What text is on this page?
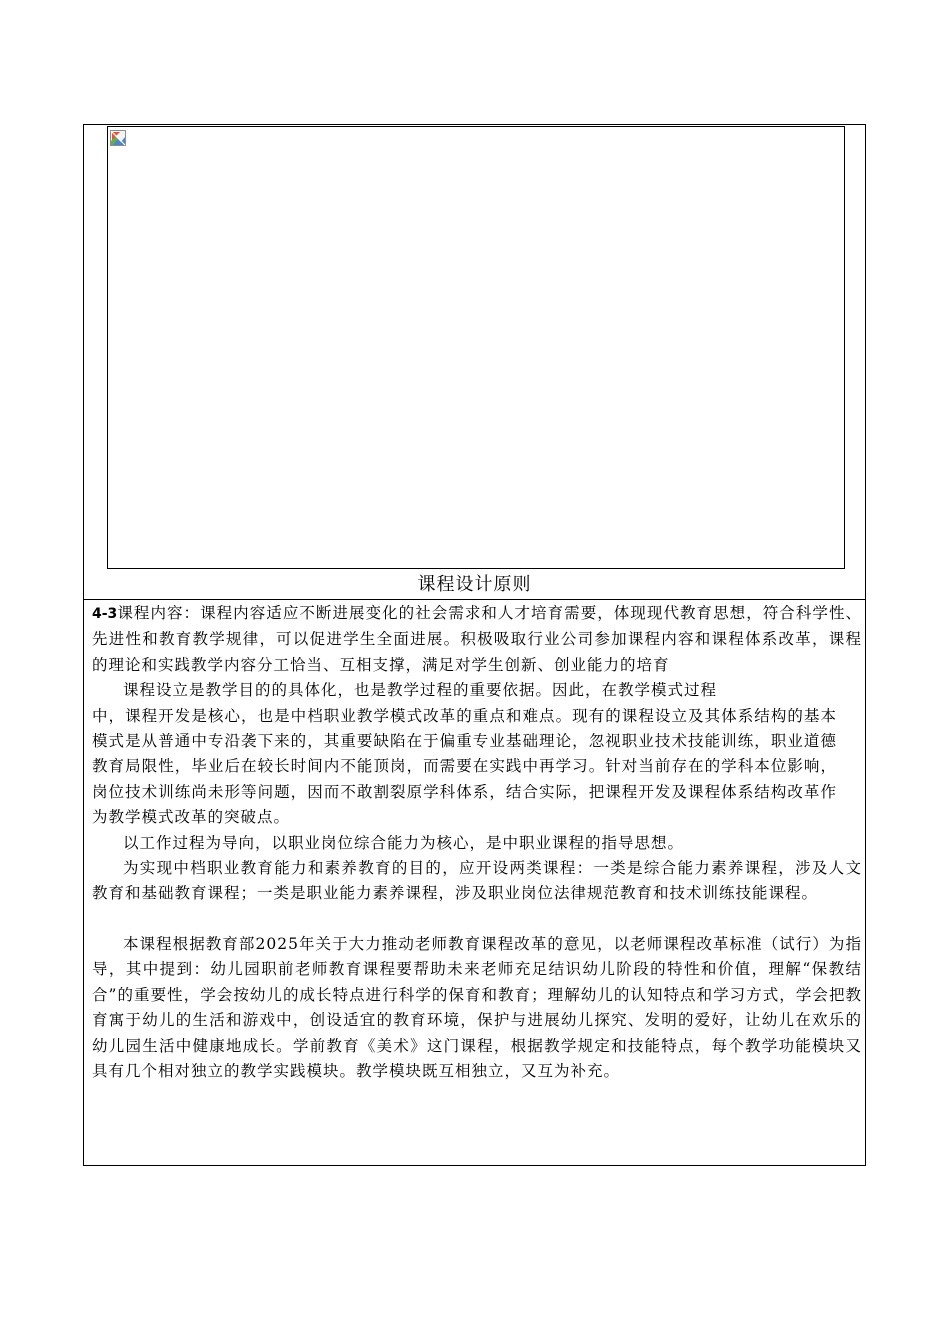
课程设计原则

4-3课程内容：课程内容适应不断进展变化的社会需求和人才培育需要，体现现代教育思想，符合科学性、先进性和教育教学规律，可以促进学生全面进展。积极吸取行业公司参加课程内容和课程体系改革，课程的理论和实践教学内容分工恰当、互相支撑，满足对学生创新、创业能力的培育

课程设立是教学目的的具体化，也是教学过程的重要依据。因此，在教学模式过程

中，课程开发是核心，也是中档职业教学模式改革的重点和难点。现有的课程设立及其体系结构的基本模式是从普通中专沿袭下来的，其重要缺陷在于偏重专业基础理论，忽视职业技术技能训练，职业道德教育局限性，毕业后在较长时间内不能顶岗，而需要在实践中再学习。针对当前存在的学科本位影响，岗位技术训练尚未形等问题，因而不敢割裂原学科体系，结合实际，把课程开发及课程体系结构改革作为教学模式改革的突破点。

以工作过程为导向，以职业岗位综合能力为核心，是中职业课程的指导思想。

为实现中档职业教育能力和素养教育的目的，应开设两类课程：一类是综合能力素养课程，涉及人文教育和基础教育课程；一类是职业能力素养课程，涉及职业岗位法律规范教育和技术训练技能课程。

本课程根据教育部2025年关于大力推动老师教育课程改革的意见，以老师课程改革标准（试行）为指导，其中提到：幼儿园职前老师教育课程要帮助未来老师充足结识幼儿阶段的特性和价值，理解“保教结合”的重要性，学会按幼儿的成长特点进行科学的保育和教育；理解幼儿的认知特点和学习方式，学会把教育寓于幼儿的生活和游戏中，创设适宜的教育环境，保护与进展幼儿探究、发明的爱好，让幼儿在欢乐的幼儿园生活中健康地成长。学前教育《美术》这门课程，根据教学规定和技能特点，每个教学功能模块又具有几个相对独立的教学实践模块。教学模块既互相独立，又互为补充。
